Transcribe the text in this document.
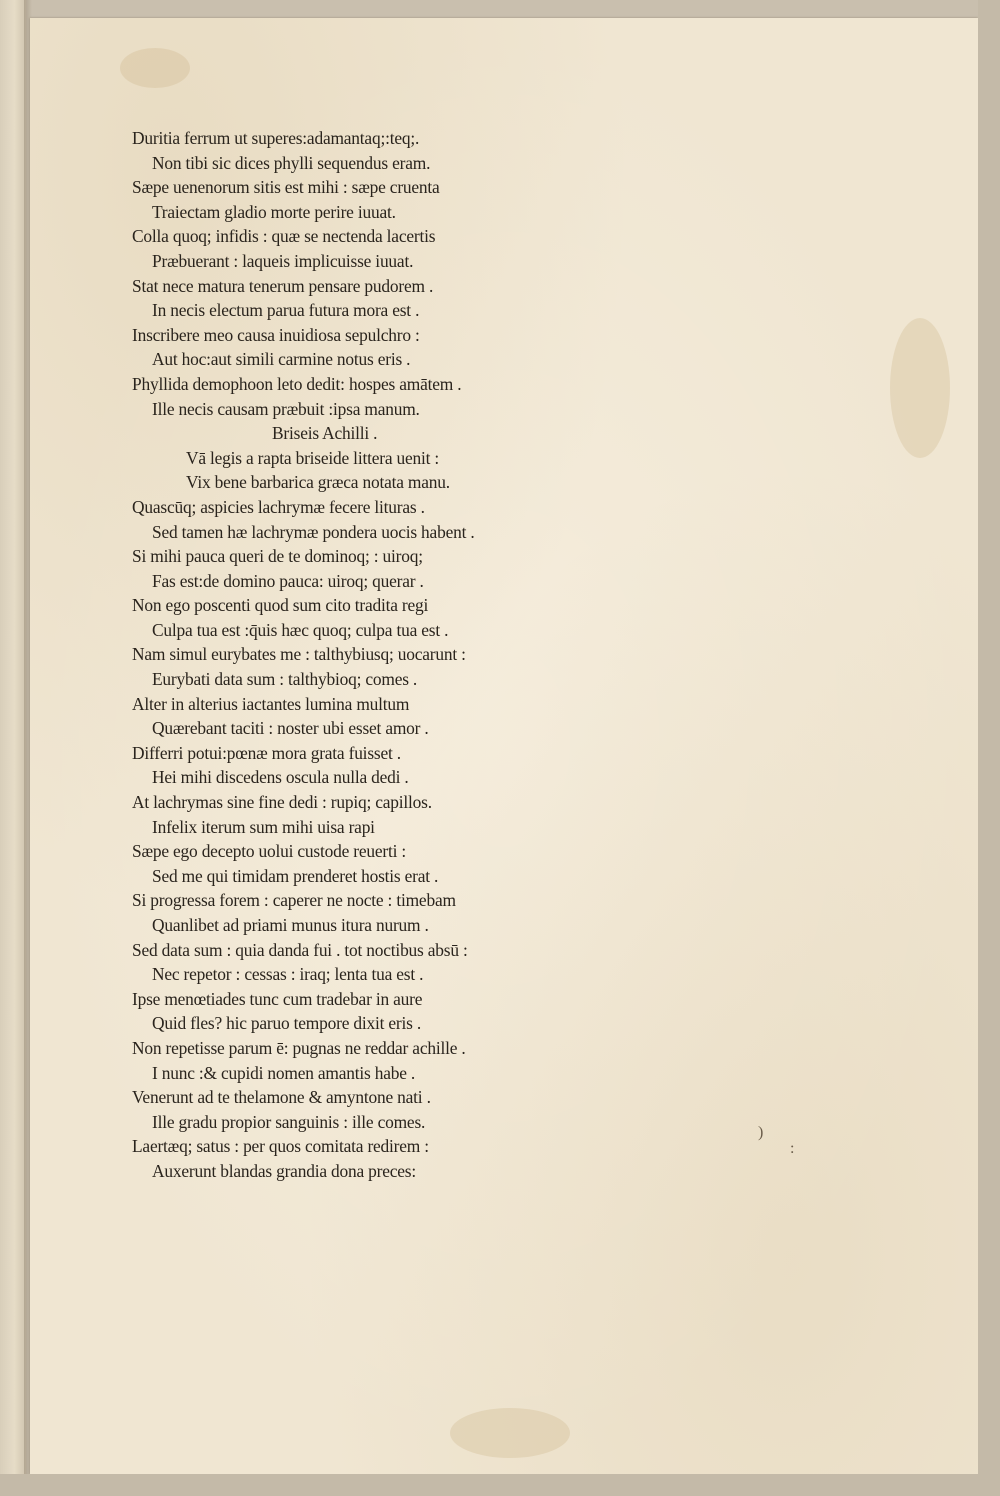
)
:
Duritia ferrum ut superes:adamantaq;:teq;.
Non tibi sic dices phylli sequendus eram.
Sæpe uenenorum sitis est mihi : sæpe cruenta
Traiectam gladio morte perire iuuat.
Colla quoq; infidis : quæ se nectenda lacertis
Præbuerant : laqueis implicuisse iuuat.
Stat nece matura tenerum pensare pudorem .
In necis electum parua futura mora est .
Inscribere meo causa inuidiosa sepulchro :
Aut hoc:aut simili carmine notus eris .
Phyllida demophoon leto dedit: hospes amātem .
Ille necis causam præbuit :ipsa manum.
Briseis Achilli .
Vā legis a rapta briseide littera uenit :
Vix bene barbarica græca notata manu.
Quascūq; aspicies lachrymæ fecere lituras .
Sed tamen hæ lachrymæ pondera uocis habent .
Si mihi pauca queri de te dominoq; : uiroq;
Fas est:de domino pauca: uiroq; querar .
Non ego poscenti quod sum cito tradita regi
Culpa tua est :q̄uis hæc quoq; culpa tua est .
Nam simul eurybates me : talthybiusq; uocarunt :
Eurybati data sum : talthybioq; comes .
Alter in alterius iactantes lumina multum
Quærebant taciti : noster ubi esset amor .
Differri potui:pœnæ mora grata fuisset .
Hei mihi discedens oscula nulla dedi .
At lachrymas sine fine dedi : rupiq; capillos.
Infelix iterum sum mihi uisa rapi
Sæpe ego decepto uolui custode reuerti :
Sed me qui timidam prenderet hostis erat .
Si progressa forem : caperer ne nocte : timebam
Quanlibet ad priami munus itura nurum .
Sed data sum : quia danda fui . tot noctibus absū :
Nec repetor : cessas : iraq; lenta tua est .
Ipse menœtiades tunc cum tradebar in aure
Quid fles? hic paruo tempore dixit eris .
Non repetisse parum ē: pugnas ne reddar achille .
I nunc :& cupidi nomen amantis habe .
Venerunt ad te thelamone & amyntone nati .
Ille gradu propior sanguinis : ille comes.
Laertæq; satus : per quos comitata redirem :
Auxerunt blandas grandia dona preces:
